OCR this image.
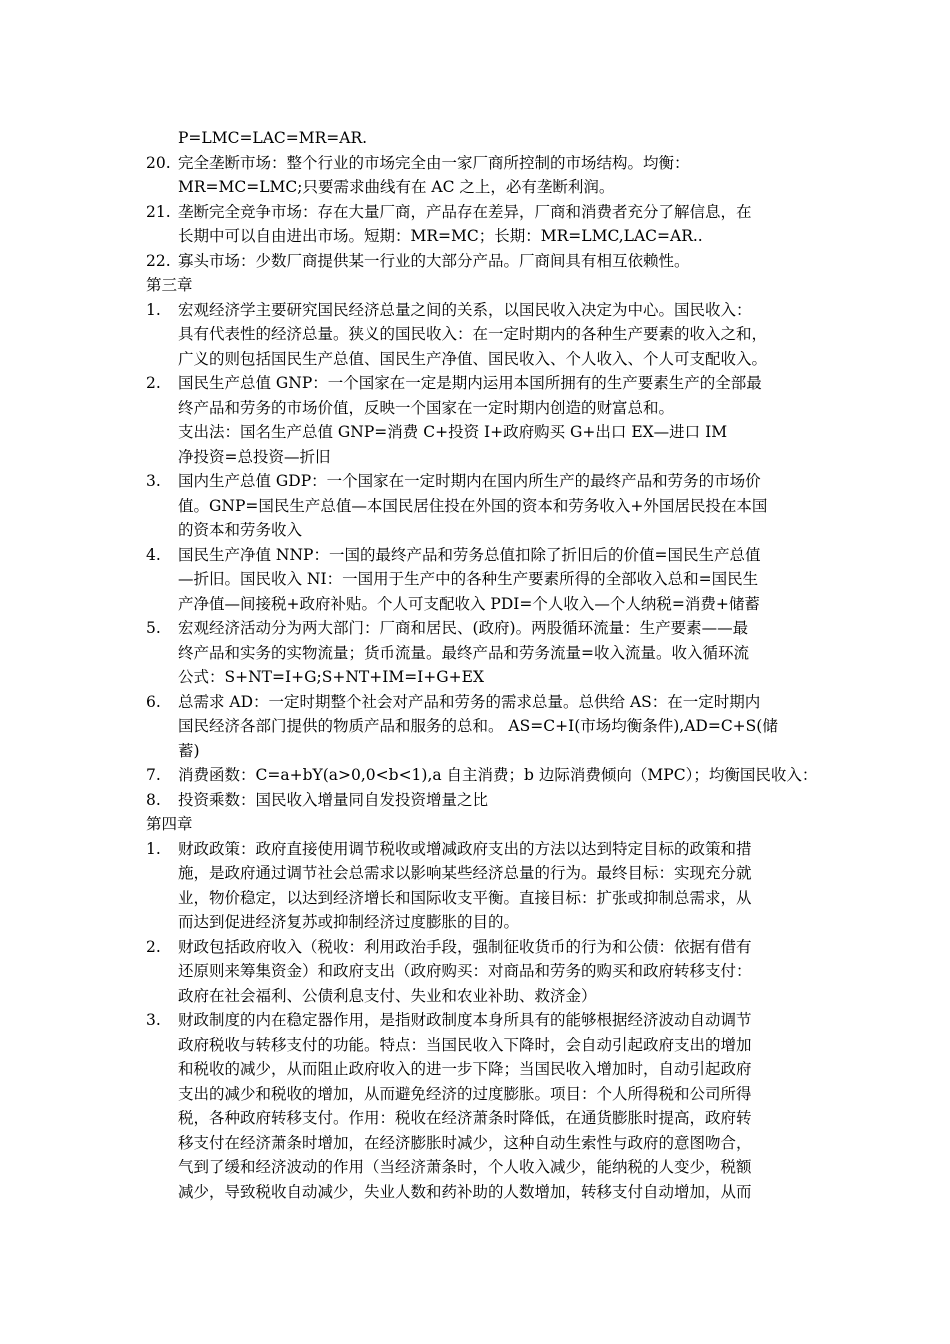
P=LMC=LAC=MR=AR.
20. 完全垄断市场：整个行业的市场完全由一家厂商所控制的市场结构。均衡：
MR=MC=LMC;只要需求曲线有在 AC 之上，必有垄断利润。
21. 垄断完全竞争市场：存在大量厂商，产品存在差异，厂商和消费者充分了解信息，在
长期中可以自由进出市场。短期：MR=MC；长期：MR=LMC,LAC=AR..
22. 寡头市场：少数厂商提供某一行业的大部分产品。厂商间具有相互依赖性。
第三章
1.	宏观经济学主要研究国民经济总量之间的关系，以国民收入决定为中心。国民收入：
具有代表性的经济总量。狭义的国民收入：在一定时期内的各种生产要素的收入之和，
广义的则包括国民生产总值、国民生产净值、国民收入、个人收入、个人可支配收入。
2.	国民生产总值 GNP：一个国家在一定是期内运用本国所拥有的生产要素生产的全部最
终产品和劳务的市场价值，反映一个国家在一定时期内创造的财富总和。
支出法：国名生产总值 GNP=消费 C+投资 I+政府购买 G+出口 EX—进口 IM
净投资=总投资—折旧
3.	国内生产总值 GDP：一个国家在一定时期内在国内所生产的最终产品和劳务的市场价
值。GNP=国民生产总值—本国民居住投在外国的资本和劳务收入+外国居民投在本国
的资本和劳务收入
4.	国民生产净值 NNP：一国的最终产品和劳务总值扣除了折旧后的价值=国民生产总值
—折旧。国民收入 NI：一国用于生产中的各种生产要素所得的全部收入总和=国民生
产净值—间接税+政府补贴。个人可支配收入 PDI=个人收入—个人纳税=消费+储蓄
5.	宏观经济活动分为两大部门：厂商和居民、(政府)。两股循环流量：生产要素——最
终产品和实务的实物流量；货币流量。最终产品和劳务流量=收入流量。收入循环流
公式：S+NT=I+G;S+NT+IM=I+G+EX
6.	总需求 AD：一定时期整个社会对产品和劳务的需求总量。总供给 AS：在一定时期内
国民经济各部门提供的物质产品和服务的总和。 AS=C+I(市场均衡条件),AD=C+S(储
蓄)
7.	消费函数：C=a+bY(a>0,0<b<1),a 自主消费；b 边际消费倾向（MPC）；均衡国民收入：
8.	投资乘数：国民收入增量同自发投资增量之比
第四章
1.	财政政策：政府直接使用调节税收或增减政府支出的方法以达到特定目标的政策和措
施，是政府通过调节社会总需求以影响某些经济总量的行为。最终目标：实现充分就
业，物价稳定，以达到经济增长和国际收支平衡。直接目标：扩张或抑制总需求，从
而达到促进经济复苏或抑制经济过度膨胀的目的。
2.	财政包括政府收入（税收：利用政治手段，强制征收货币的行为和公债：依据有借有
还原则来筹集资金）和政府支出（政府购买：对商品和劳务的购买和政府转移支付：
政府在社会福利、公债利息支付、失业和农业补助、救济金）
3.	财政制度的内在稳定器作用，是指财政制度本身所具有的能够根据经济波动自动调节
政府税收与转移支付的功能。特点：当国民收入下降时，会自动引起政府支出的增加
和税收的减少，从而阻止政府收入的进一步下降；当国民收入增加时，自动引起政府
支出的减少和税收的增加，从而避免经济的过度膨胀。项目：个人所得税和公司所得
税，各种政府转移支付。作用：税收在经济萧条时降低，在通货膨胀时提高，政府转
移支付在经济萧条时增加，在经济膨胀时减少，这种自动生索性与政府的意图吻合，
气到了缓和经济波动的作用（当经济萧条时，个人收入减少，能纳税的人变少，税额
减少，导致税收自动减少，失业人数和药补助的人数增加，转移支付自动增加，从而
